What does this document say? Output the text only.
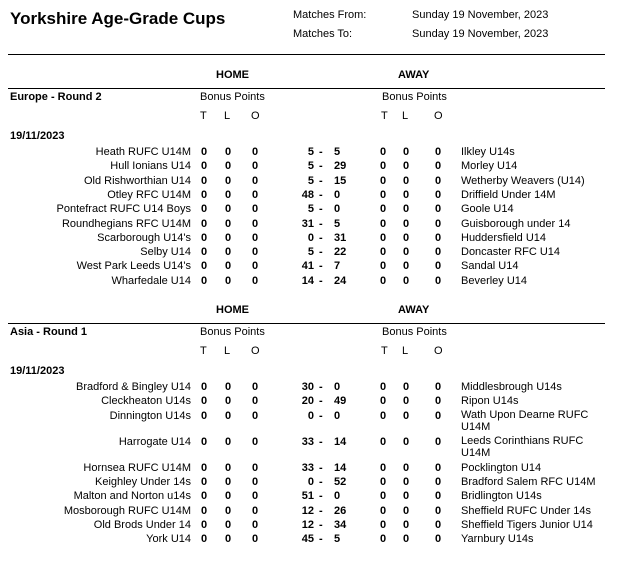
Yorkshire Age-Grade Cups	Matches From:	Sunday 19 November, 2023
Matches To:	Sunday 19 November, 2023
HOME	AWAY
Europe - Round 2	Bonus Points	Bonus Points
T	T
L	L
O	O
19/11/2023
Heath RUFC U14M 0 0 0	5 - 5	0 0 0 Ilkley U14s
Hull Ionians U14 0 0 0	5 - 29	0 0 0 Morley U14
Old Rishworthian U14 0 0 0	5 - 15	0 0 0 Wetherby Weavers (U14)
Otley RFC U14M 0 0 0	48 - 0	0 0 0 Driffield Under 14M
Pontefract RUFC U14 Boys 0 0 0	5 - 0	0 0 0 Goole U14
Roundhegians RFC U14M 0 0 0	31 - 5	0 0 0 Guisborough under 14
Scarborough U14's 0 0 0	0 - 31	0 0 0 Huddersfield U14
Selby U14 0 0 0	5 - 22	0 0 0 Doncaster RFC U14
West Park Leeds U14's 0 0 0	41 - 7	0 0 0 Sandal U14
Wharfedale U14 0 0 0	14 - 24	0 0 0 Beverley U14
HOME	AWAY
Asia - Round 1	Bonus Points	Bonus Points
T	T
L	L
O	O
19/11/2023
Bradford & Bingley U14 0 0 0	30 - 0	0 0 0 Middlesbrough U14s
Cleckheaton U14s 0 0 0	20 - 49	0 0 0 Ripon U14s
Dinnington U14s 0 0 0	0 - 0	0 0 0 Wath Upon Dearne RUFC U14M
Harrogate U14 0 0 0	33 - 14	0 0 0 Leeds Corinthians RUFC U14M
Hornsea RUFC U14M 0 0 0	33 - 14	0 0 0 Pocklington U14
Keighley Under 14s 0 0 0	0 - 52	0 0 0 Bradford Salem RFC U14M
Malton and Norton u14s 0 0 0	51 - 0	0 0 0 Bridlington U14s
Mosborough RUFC U14M 0 0 0	12 - 26	0 0 0 Sheffield RUFC Under 14s
Old Brods Under 14 0 0 0	12 - 34	0 0 0 Sheffield Tigers Junior U14
York U14 0 0 0	45 - 5	0 0 0 Yarnbury U14s
